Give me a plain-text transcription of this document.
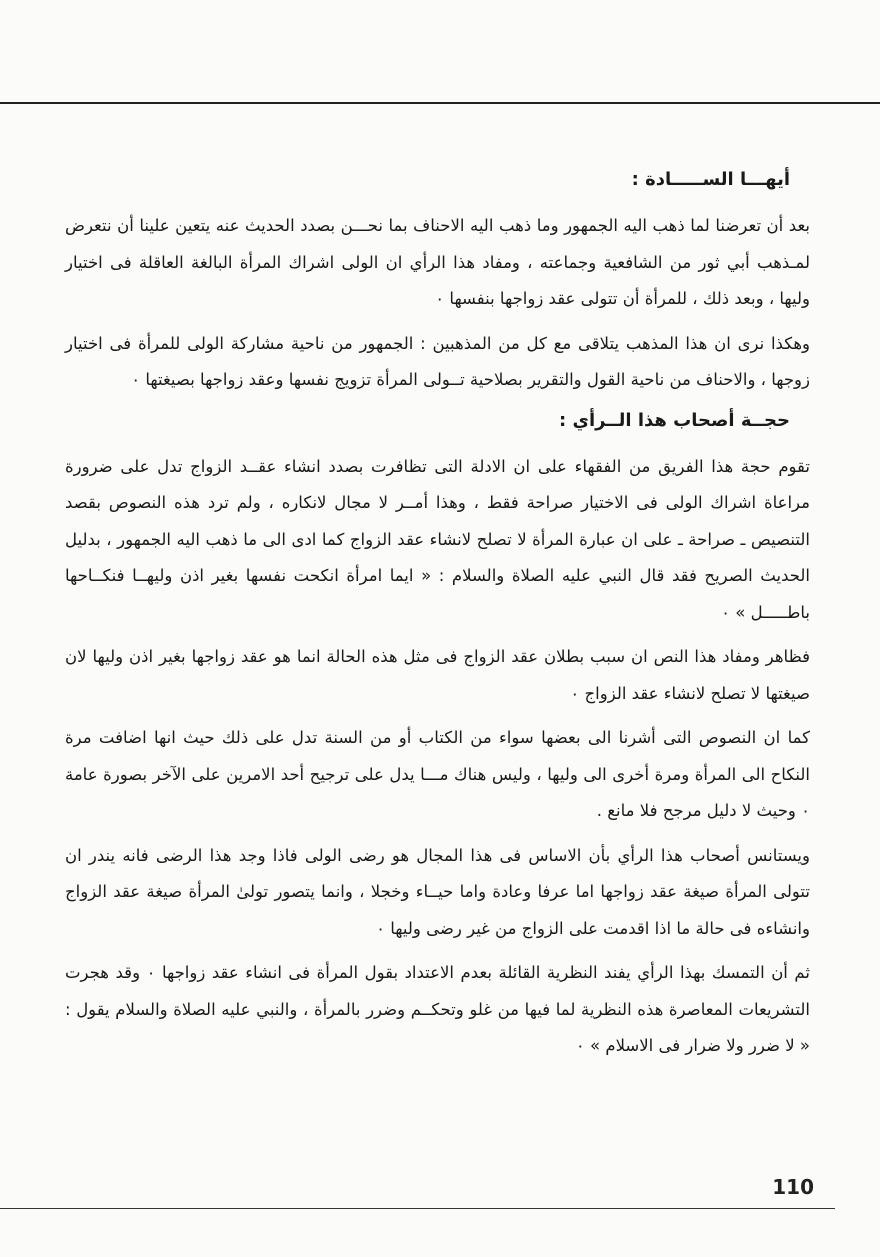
أيهـــا الســـــادة :

بعد أن تعرضنا لما ذهب اليه الجمهور وما ذهب اليه الاحناف بما نحـــن بصدد الحديث عنه يتعين علينا أن نتعرض لمـذهب أبي ثور من الشافعية وجماعته ، ومفاد هذا الرأي ان الولى اشراك المرأة البالغة العاقلة فى اختيار وليها ، وبعد ذلك ، للمرأة أن تتولى عقد زواجها بنفسها ٠

وهكذا نرى ان هذا المذهب يتلاقى مع كل من المذهبين : الجمهور من ناحية مشاركة الولى للمرأة فى اختيار زوجها ، والاحناف من ناحية القول والتقرير بصلاحية تــولى المرأة تزويج نفسها وعقد زواجها بصيغتها ٠

حجــة أصحاب هذا الــرأي :

تقوم حجة هذا الفريق من الفقهاء على ان الادلة التى تظافرت بصدد انشاء عقــد الزواج تدل على ضرورة مراعاة اشراك الولى فى الاختيار صراحة فقط ، وهذا أمــر لا مجال لانكاره ، ولم ترد هذه النصوص بقصد التنصيص ـ صراحة ـ على ان عبارة المرأة لا تصلح لانشاء عقد الزواج كما ادى الى ما ذهب اليه الجمهور ، بدليل الحديث الصريح فقد قال النبي عليه الصلاة والسلام : « ايما امرأة انكحت نفسها بغير اذن وليهــا فنكــاحها باطـــــل » ٠

فظاهر ومفاد هذا النص ان سبب بطلان عقد الزواج فى مثل هذه الحالة انما هو عقد زواجها بغير اذن وليها لان صيغتها لا تصلح لانشاء عقد الزواج ٠

كما ان النصوص التى أشرنا الى بعضها سواء من الكتاب أو من السنة تدل على ذلك حيث انها اضافت مرة النكاح الى المرأة ومرة أخرى الى وليها ، وليس هناك مـــا يدل على ترجيح أحد الامرين على الآخر بصورة عامة ٠ وحيث لا دليل مرجح فلا مانع .

ويستانس أصحاب هذا الرأي بأن الاساس فى هذا المجال هو رضى الولى فاذا وجد هذا الرضى فانه يندر ان تتولى المرأة صيغة عقد زواجها اما عرفا وعادة واما حيــاء وخجلا ، وانما يتصور تولىٰ المرأة صيغة عقد الزواج وانشاءه فى حالة ما اذا اقدمت على الزواج من غير رضى وليها ٠

ثم أن التمسك بهذا الرأي يفند النظرية القائلة بعدم الاعتداد بقول المرأة فى انشاء عقد زواجها ٠ وقد هجرت التشريعات المعاصرة هذه النظرية لما فيها من غلو وتحكــم وضرر بالمرأة ، والنبي عليه الصلاة والسلام يقول : « لا ضرر ولا ضرار فى الاسلام » ٠

110
